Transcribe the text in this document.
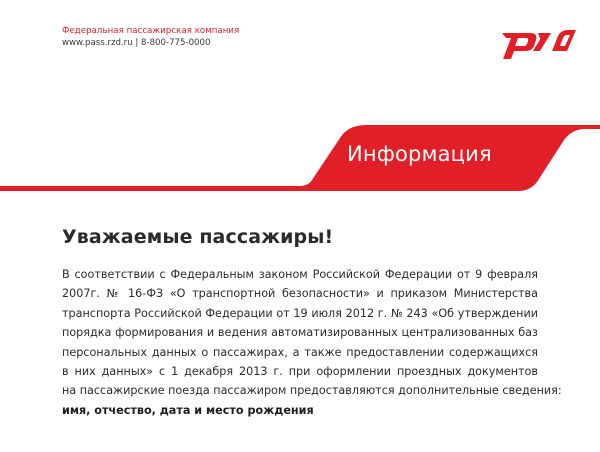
Федеральная пассажирская компания
www.pass.rzd.ru | 8-800-775-0000
Информация
Уважаемые пассажиры!
В соответствии с Федеральным законом Российской Федерации от 9 февраля
2007г. № 16-ФЗ «О транспортной безопасности» и приказом Министерства
транспорта Российской Федерации от 19 июля 2012 г. № 243 «Об утверждении
порядка формирования и ведения автоматизированных централизованных баз
персональных данных о пассажирах, а также предоставлении содержащихся
в них данных» с 1 декабря 2013 г. при оформлении проездных документов
на пассажирские поезда пассажиром предоставляются дополнительные сведения:
имя, отчество, дата и место рождения
